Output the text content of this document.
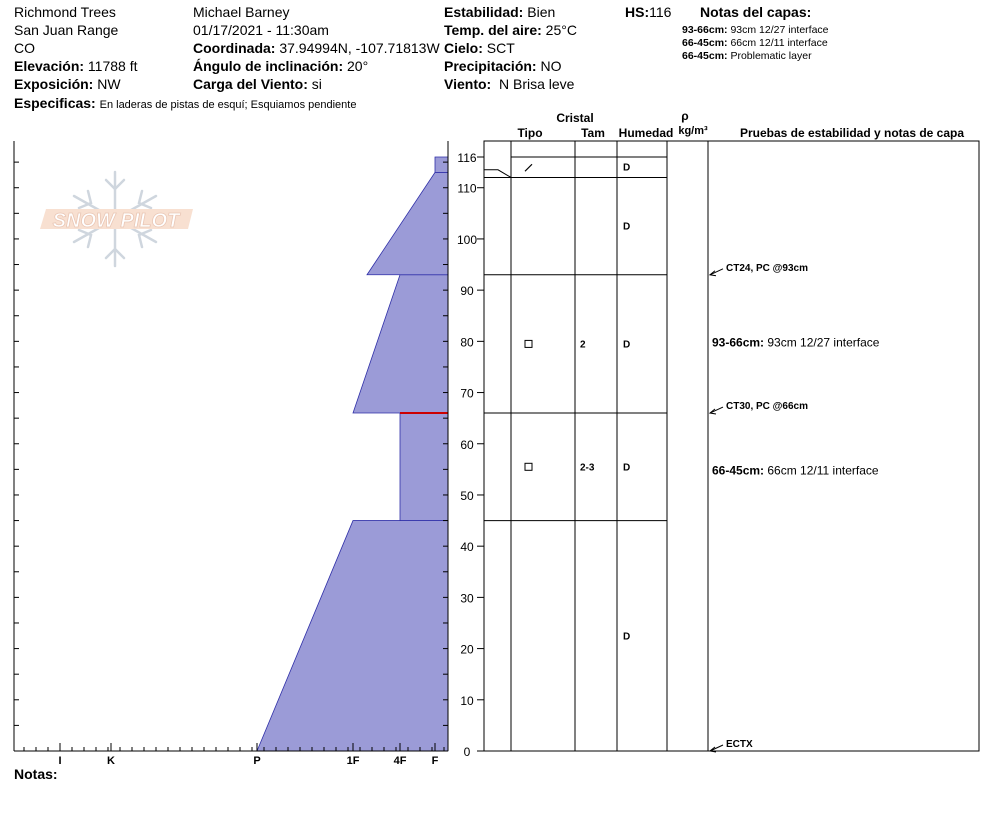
Richmond Trees
San Juan Range
CO
Elevación: 11788 ft
Exposición: NW
Especificas: En laderas de pistas de esquí; Esquiamos pendiente
Michael Barney
01/17/2021 - 11:30am
Coordinada: 37.94994N, -107.71813W
Ángulo de inclinación: 20°
Carga del Viento: si
Estabilidad: Bien
Temp. del aire: 25°C
Cielo: SCT
Precipitación: NO
Viento: N Brisa leve
HS:116 Notas del capas:
93-66cm: 93cm 12/27 interface
66-45cm: 66cm 12/11 interface
66-45cm: Problematic layer
Notas:
SNOW PILOT
0
10
20
30
40
50
60
70
80
90
100
110
116
I	K	P	1F	4F F
D
D
2	D
2-3	D
D
CT24, PC @93cm
CT30, PC @66cm
ECTX
93-66cm: 93cm 12/27 interface
66-45cm: 66cm 12/11 interface
Cristal
Tipo	Tam Humedad
ρ
kg/m³	Pruebas de estabilidad y notas de capa
